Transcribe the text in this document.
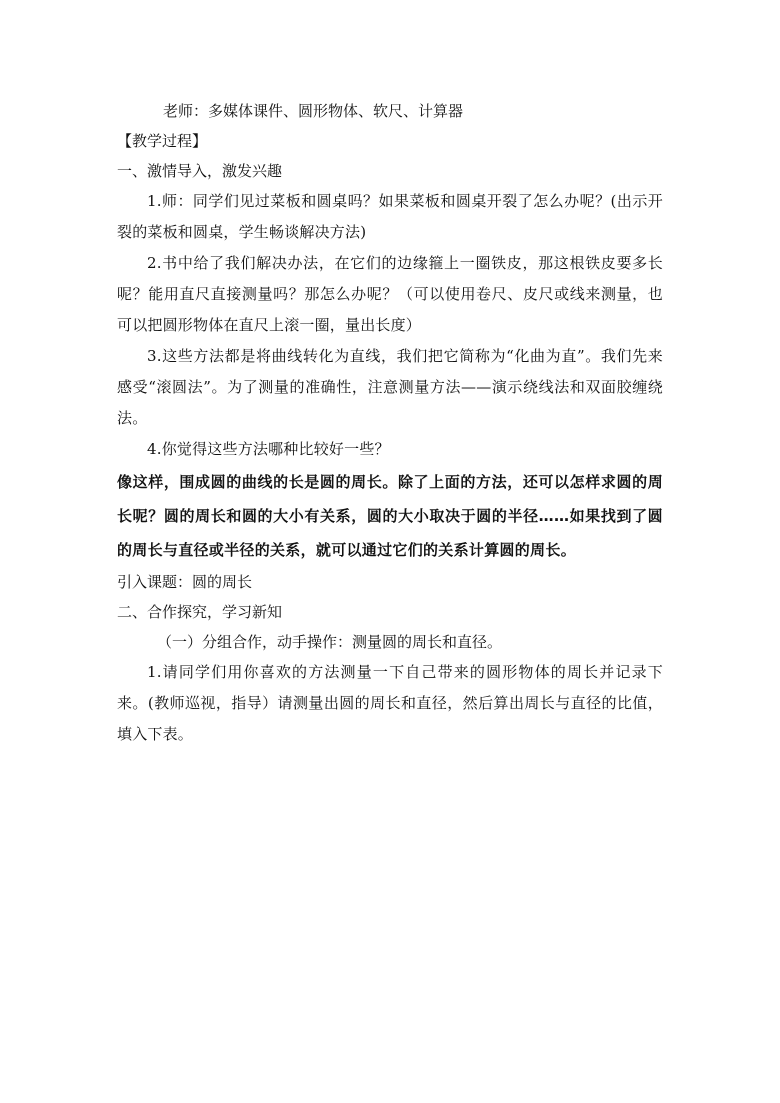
老师：多媒体课件、圆形物体、软尺、计算器
【教学过程】
一、激情导入，激发兴趣
1.师：同学们见过菜板和圆桌吗？如果菜板和圆桌开裂了怎么办呢？(出示开裂的菜板和圆桌，学生畅谈解决方法)
2.书中给了我们解决办法，在它们的边缘箍上一圈铁皮，那这根铁皮要多长呢？能用直尺直接测量吗？那怎么办呢？（可以使用卷尺、皮尺或线来测量，也可以把圆形物体在直尺上滚一圈，量出长度）
3.这些方法都是将曲线转化为直线，我们把它简称为“化曲为直”。我们先来感受“滚圆法”。为了测量的准确性，注意测量方法——演示绕线法和双面胶缠绕法。
4.你觉得这些方法哪种比较好一些？
像这样，围成圆的曲线的长是圆的周长。除了上面的方法，还可以怎样求圆的周长呢？圆的周长和圆的大小有关系，圆的大小取决于圆的半径……如果找到了圆的周长与直径或半径的关系，就可以通过它们的关系计算圆的周长。
引入课题：圆的周长
二、合作探究，学习新知
（一）分组合作，动手操作：测量圆的周长和直径。
1.请同学们用你喜欢的方法测量一下自己带来的圆形物体的周长并记录下来。(教师巡视，指导）请测量出圆的周长和直径，然后算出周长与直径的比值，填入下表。
